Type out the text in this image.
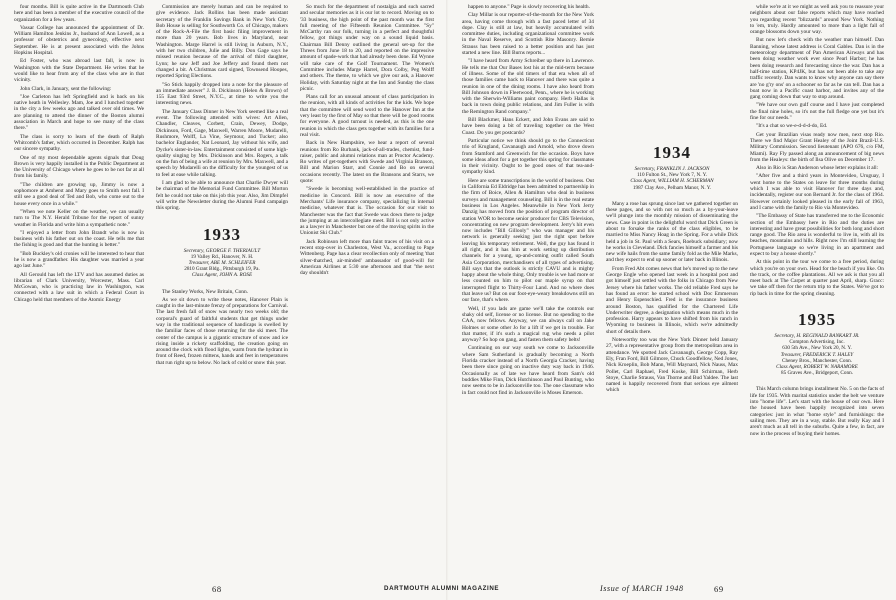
four months. Bill is quite active in the Dartmouth Club here and has been a member of the executive council of the organization for a few years.

Vassar College has announced the appointment of Dr. William Hamilton Jenkins Jr., husband of Ann Lowell, as a professor of obstetrics and gynecology, effective next September. He is at present associated with the Johns Hopkins Hospital.

Ed Foster, who was abroad last fall, is now in Washington with the State Department. He writes that he would like to hear from any of the class who are in that vicinity.

John Clark, in January, sent the following:

"Joe Carleton has left Springfield and is back on his native heath in Wellesley. Mam, Joe and I lunched together in the city a few weeks ago and talked over old times. We are planning to attend the dinner of the Boston alumni association in March and hope to see many of the class there."

The class is sorry to learn of the death of Ralph Whitcomb's father, which occurred in December. Ralph has our sincere sympathy.

One of my most dependable agents signals that Doug Brown is very happily installed in the Public Department at the University of Chicago where he goes to be not far at all from his family.

"The children are growing up, Jimmy is now a sophomore at Amherst and Mary goes to Smith next fall. I still see a good deal of Ted and Bob, who come out to the house every once in a while."

"When we note Keller on the weather, we can usually turn to The N.Y. Herald Tribune for the report of sunny weather in Florida and write him a sympathetic note."

"I enjoyed a letter from John Brandt who is now in business with his father out on the coast. He tells me that the fishing is good and that the hunting is better."

"Bob Buckley's old cronies will be interested to hear that he is now a grandfather. His daughter was married a year ago last June."

All Gerould has left the LTV and has assumed duties as librarian of Clark University, Worcester, Mass. Carl McGowan, who is practicing law in Washington, was connected with a law suit in which a Federal Court in Chicago held that members of the Atomic Energy

Commission are merely human and can be required to give evidence. Jack Rollins has been made assistant secretary of the Franklin Savings Bank in New York City. Bob House is selling for Southworth Co. of Chicago, makers of the Rock-A-File the first basic filing improvement in more than 20 years. Bob lives in Maryland, near Washington. Marge Harrel is still living in Auburn, N.Y., with her two children, Julie and Billy. Don Gage says he missed reunion because of the arrival of third daughter, Lynn; he saw Jeff and Joe Jeffery and found them not changed a bit. A Christmas card signed, Townsend Hoopes, reported Spring Elections.

"So Stick happily dropped into a note for the pleasure of an immediate answer" J. B. Dickinson (Helen & Brown) of 155 East 93rd Street, N.Y.C., at time to write you the interesting news.

The January Class Dinner in New York seemed like a real event. The following attended with wives: Art Allen, Chandler, Cleaves, Corbett, Crain, Dewey, Dodge, Dickinson, Ford, Gage, Maxwell, Warren Moore, Mudarelli, Rushmore, Wolff, La Vine, Seymour, and Tucker; also bachelor Englander, Nat Leonard, Jay without his wife, and Dycke's sister-in-law. Entertainment consisted of some high-quality singing by Mrs. Dickinson and Mrs. Rogers, a talk on the fun of being a wife at reunion by Mrs. Maxwell, and a speech by Mudarelli on the difficulty for the youngest of us to feel at ease while talking.

I am glad to be able to announce that Charlie Dwyer will be chairman of the Memorial Fund Committee. Bill Morton felt he could not take on this job this year. Also, Jim Dimpfel will write the Newsletter during the Alumni Fund campaign this spring.

1933
Secretary, GEORGE F. THERIAULT
19 Valley Rd., Hanover, N. H.
Treasurer, ABE M. SCHLEIFER
2810 Grant Bldg., Pittsburgh 19, Pa.
Class Agent, JOHN A. ROSE

The Stanley Works, New Britain, Conn.

As we sit down to write these notes, Hanover Plain is caught in the last-minute frenzy of preparations for Carnival. The last fresh fall of snow was nearly two weeks old; the corporal's guard of faithful students that get things under way in the traditional sequence of handicaps is swelled by the familiar faces of those returning for the ski meet. The center of the campus is a gigantic structure of snow and ice rising inside a rickety scaffolding, the creation going on around the clock with flood lights, warm from the hydrant in front of Reed, frozen mittens, hands and feet in temperatures that run right up to below. No lack of cold or snow this year.

So much for the department of nostalgia and such sacred and secular memories as it is our lot to record. Moving on to '33 business, the high point of the past month was the first full meeting of the Fifteenth Reunion Committee. "Sy" McCarthy ran our folk, turning in a perfect and thoughtful fellow, got things under way on a sound liquid basis. Chairman Bill Denny outlined the general set-up for the Threes from June 18 to 20, and reported on the impressive amount of spade-work that had already been done. Ed Wynne will take care of the Golf Tournament. The Women's Committee includes Marge Harrel, Dora Colby, Peg Wolff and others. The theme, to which we give our ask, a Hanover Holiday, with Saturday night at the Inn and Sunday the class picnic.

Plans call for an unusual amount of class participation in the reunion, with all kinds of activities for the kids. We hope that the committee will send word to the Hanover Inn at the very least by the first of May so that there will be good rooms for everyone. A good turnout is needed, as this is the one reunion in which the class gets together with its families for a real visit.

Back in New Hampshire, we hear a report of several reunions from Ro Burbank, jack-of-all-trades, chemist, fund-raiser, public and alumni relations man at Proctor Academy. Ro writes of get-togethers with Swede and Virginia Branson, Bill and Marion Starr, and Connie and Bo on several occasions recently. The latest on the Bransons and Starrs, we quote:

"Swede is becoming well-established in the practice of medicine in Concord. Bill is now an executive of the Merchants' Life insurance company, specializing in internal medicine, whatever that is. The occasion for our visit to Manchester was the fact that Swede was down there to judge the jumping at an intercollegiate meet. Bill is not only active as a lawyer in Manchester but one of the moving spirits in the Unionist Ski Club."

Jack Robinson left more than faint traces of his visit on a recent stop-over in Charleston, West Va., according to Page Wittenberg. Page has a clear recollection only of meeting 'that silver-thatched, air-minded' ambassador of good-will for American Airlines at 5:30 one afternoon and that "the next day shouldn't

happen to anyone." Page is slowly recovering his health.

Clay Millar is our reporter-of-the-month for the New York area, having come through with a fast paced letter of 34 dope. Clay is still at law, but heavily accumulated with committee duties, including organizational committee work in the Naval Reserve, and Scottish Rite Masonry. Bernie Strauss has been raised to a better position and has just started a new line. Bill Burns reports...

"I have heard from Army Schreiber up there in Lawrence. He tells me that Our Bases lost his at the mid-term because of illness. Some of the old timers of that era when all of those families came back to Hanover and there was quite a reunion in one of the dining rooms. I have also heard from Bill Johnson down in Fleetwood, Penn., where he is working with the Sherwin-Williams paint company. Herb Hallas is back in town doing public relations, and Jim Fuller is with the Remington Rand company."

Bill Blackmer, Hans Eckert, and John Evans are said to have been doing a bit of traveling together on the West Coast. Do you get postcards?

Particular notice we think should go to the Connecticut trio of Krugland, Cavanaugh and Arnold, who drove down from Stamford and Greenwich for the occasion. Boys have some ideas afoot for a get together this spring for classmates in their vicinity. Ought to be good ones of that tea-and-sympathy kind.

Here are some transcriptions in the world of business. Out in California Ed Eldridge has been admitted to partnership in the firm of Boice, Allen & Hamilton who deal in business surveys and management counseling. Bill is in the real estate business in Los Angeles. Meanwhile in New York Jerry Danzig has moved from the position of program director of station WOR to become senior producer for CBS Television, concentrating on new program development. Jerry's hit even now includes "Bill Gillooly" who was manager and his network is generally seeking just the right spot before leaving his temporary retirement. Well, the guy has found it all right, and it has him at work setting up distribution channels for a young, up-and-coming outfit called South Asia Corporation, merchandisers of all types of advertising. Bill says that the outlook is strictly CAVU and is mighty happy about the whole thing. Only trouble is we had more or less counted on him to pilot our maple syrup on that interrupted flight to Thirty-Four Land. And no where does that leave us? But on our foot-eye-weary breakdowns still on our face, that's where.

Well, if you lads are game we'll take the controls our shaky old self, license or no license. But no spending to the CAA, now fellows. Anyway, we can always call on Jake Holmes or some other Jo for a lift if we get in trouble. For that matter, if it's such a magical rug who needs a pilot anyway? So hop on gang, and fasten them safety belts!

Continuing on our way south we come to Jacksonville where Sam Sutherland is gradually becoming a North Florida cracker instead of a North Georgia Cracker, having been there since going on inactive duty way back in 1946. Occasionally as of late we have heard from Sam's old buddies Mike Finn, Dick Hutchinson and Paul Bunting, who now seems to be in Jacksonville too. The one classmate who in fact could not find in Jacksonville is Moses Emerson.

1934
Secretary, FRANKLIN J. JACKSON
110 Fulton St., New York 7, N. Y.
Class Agent, WILLIAM H. SCHERMAN
1987 Clay Ave., Pelham Manor, N. Y.

Many a rose has sprung since last we gathered together on these pages, and so with not so much as a by-your-leave we'll plunge into the monthly mission of disseminating the news. Case in point is the delightful word that Dick Green is about to forsake the ranks of the class eligibles, to be married to Miss Nancy Hoag in the Spring. For a while Dick held a job in St. Paul with a Sears, Roebuck subsidiary; now he works in Cleveland. Dick fancies himself a farmer and his new wife hails from the same family fold as the Mile Marks, and they expect to end up sooner or later back in Illinois.

From Fred Abt comes news that he's moved up to the new George Engle who opened last week in a hospital post and got himself just settled with the folks in Chicago from New Jersey where his father works. The old reliable Fred says he has found an error: he started school with Doc Emmerson and Henry Espenschied. Fred is the insurance business around Boston, has qualified for the Chartered Life Underwriter degree, a designation which means much in the profession. Harry appears to have shifted from his ranch in Wyoming to business in Illinois, which we're admittedly short of details there.

Noteworthy too was the New York Dinner held January 27, with a representative group from the metropolitan area in attendance. We spotted Jack Cavanaugh, George Copp, Ray Ely, Fran Ford, Bill Gilmore, Chuck Goodfellow, Ned Jones, Nick Kroeplin, Bob Mann, Will Maynard, Nick Nauss, Max Pollet, Carl Raphael, Fred Koske, Bill Schirman, Herb Stoye, Charlie Strauss, Van Thorne and Bud Yaldee. The last named is happily recovered from that serious eye ailment which

while we're at it we might as well ask you to reassure your neighbors about our false reports which may have reached you regarding recent "blizzards" around New York. Nothing to 'em, truly. Hardly amounted to more than a light fall of orange blossoms down your way.

But now let's check with the weather man himself. Dan Banning, whose latest address is Coral Gables. Dan is in the meteorology department of Pan American Airways and has been doing weather work ever since Pearl Harbor; he has been doing research and forecasting since the war. Dan has a half-time station, KP4JK, but has not been able to take any traffic recently. Dan wants to know why anyone can say there are 'no g'ry ons' on a schooner so far as he can tell. Dan has a boat now in a Pacific coast harbor, and invites any of the gang coming down that way to stop around.

"We have our own gulf course and I have just completed the final nine holes, so it's not the full fledge one yet but it's fine for our needs."

"It's a chat so we-e-d-d-d-do, Ed.

Get your Brazilian visas ready now men, next stop Rio. There we find Major Grant Healey of the Joint Brazil-U.S. Military Commission. Second lieutenant (APO 676, c/o FM, Miami). Ray Fly passed along an announcement of big news from the Healeys: the birth of Ilsa Olive on December 17.

Also in Rio is Stan Anderson whose letter explains it all:

"After five and a third years in Montevideo, Uruguay, I went home to the States on leave for three months during which I was able to visit Hanover for three days and, incidentally, register our son Bernard Jr. for the class of 1964. However certainly looked pleased in the early fall of 1963, and I came with the family to Rio via Montevideo.

"The Embassy of State has transferred me to the Economic section of the Embassy here in Rio and the duties are interesting and have great possibilities for both long and short range good. The Rio area is wonderful to live in, with all its beaches, mountains and hills. Right now I'm still learning the Portuguese language so we're living in an apartment and expect to buy a house shortly."

At this point in the tour we come to a free period, during which you're on your own. Head for the beach if you like. On the track, or the coffee plantations. All we ask is that you all meet back at The Carpet at quarter past April, sharp. Gracc: we take off then for the return trip to the States. We've got to rip back in time for the spring cleaning.

1935
Secretary, H. REGINALD BANKART JR.
Compton Advertising, Inc.
630 5th Ave., New York 20, N. Y.
Treasurer, FREDERICK T. HALEY
Cheney Bros., Manchester, Conn.
Class Agent, ROBERT W. NARAMORE
85 Graves Ave., Bridgeport, Conn.

This March column brings installment No. 5 on the facts of life for 1935. With marital statistics under the belt we venture into "home life". Let's start with the house of our own. Here the housed have been happily recognized into seven categories: just in what "home style" and furnishings: the sailing men. They are in a way, stable. But really Kay and I aren't much as all tell in the suburbs. Quite a few, in fact, are now in the process of buying their homes.

68	DARTMOUTH ALUMNI MAGAZINE	Issue of MARCH 1948	69
